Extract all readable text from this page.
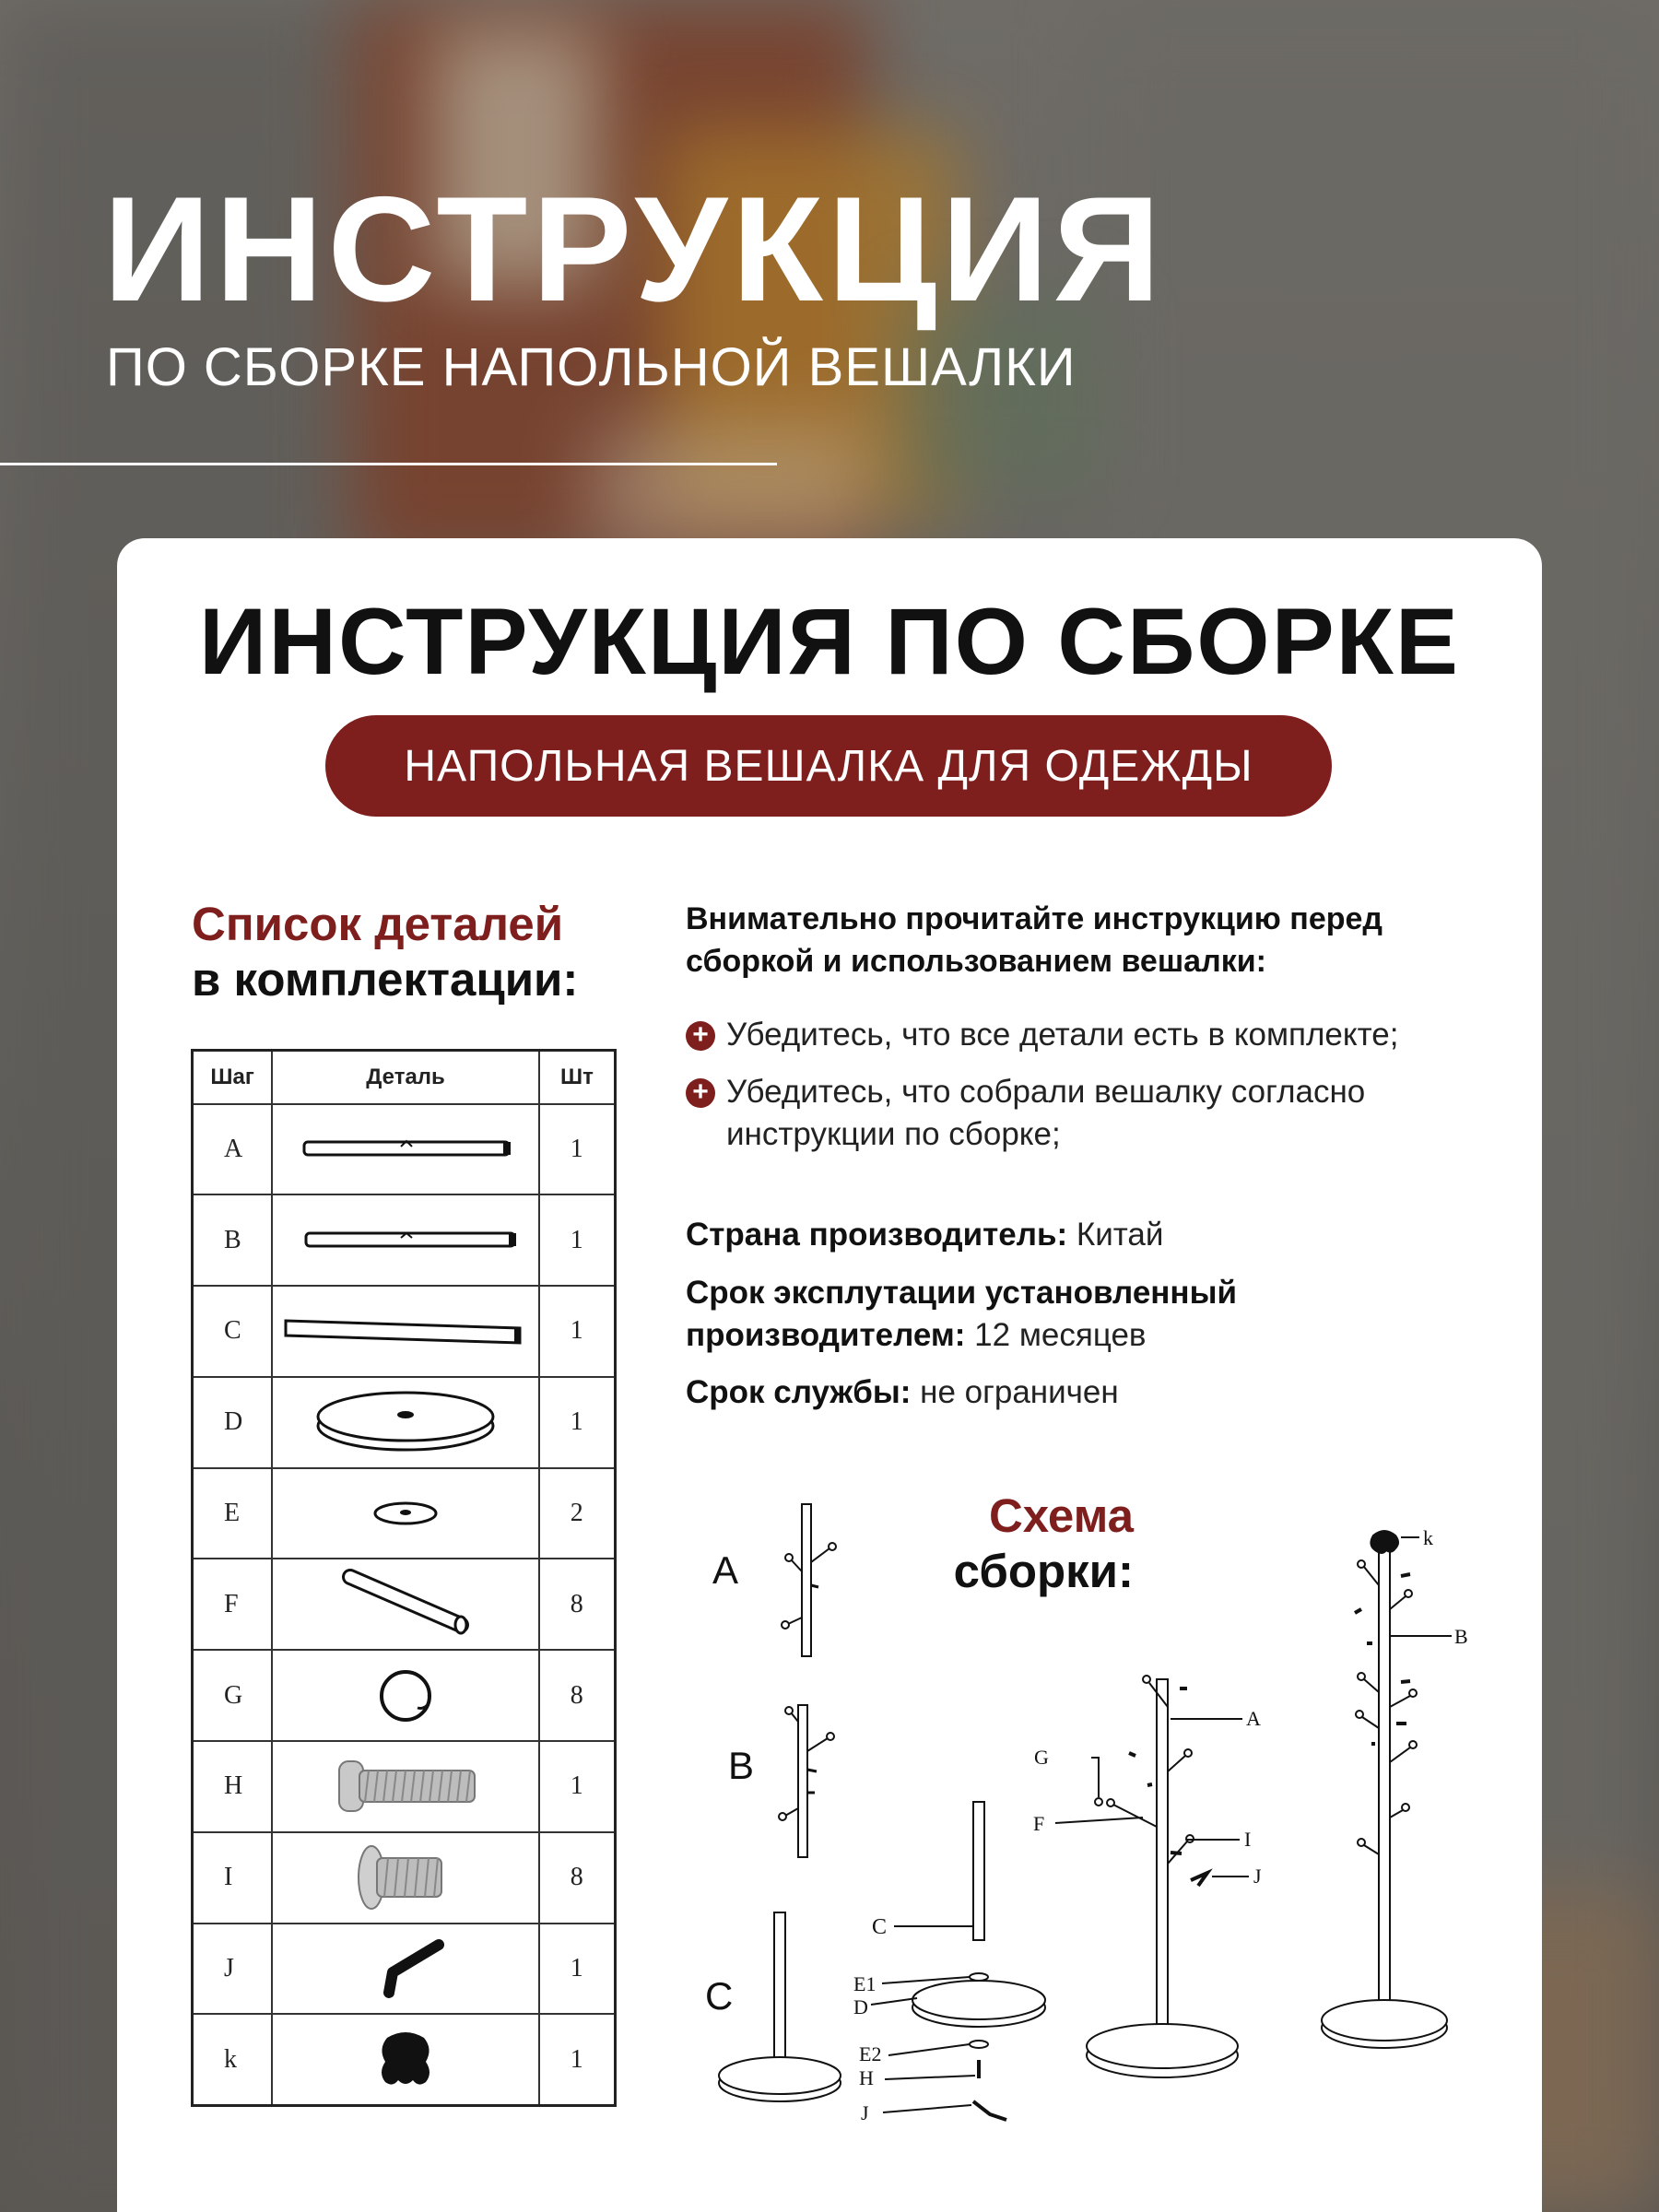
ИНСТРУКЦИЯ
ПО СБОРКЕ НАПОЛЬНОЙ ВЕШАЛКИ
ИНСТРУКЦИЯ ПО СБОРКЕ
НАПОЛЬНАЯ ВЕШАЛКА ДЛЯ ОДЕЖДЫ
Список деталей
в комплектации:
Шаг	Деталь	Шт
A		1
B		1
C		1
D		1
E		2
F		8
G		8
H		1
I		8
J		1
k		1
Внимательно прочитайте инструкцию перед сборкой и использованием вешалки:
+ Убедитесь, что все детали есть в комплекте;
+ Убедитесь, что собрали вешалку согласно инструкции по сборке;
Страна производитель: Китай
Срок эксплутации установленный производителем: 12 месяцев
Срок службы: не ограничен
Схема
сборки:
A
B
C
C
E1
D
E2
H
J
A
G
F
I
J
k
B
